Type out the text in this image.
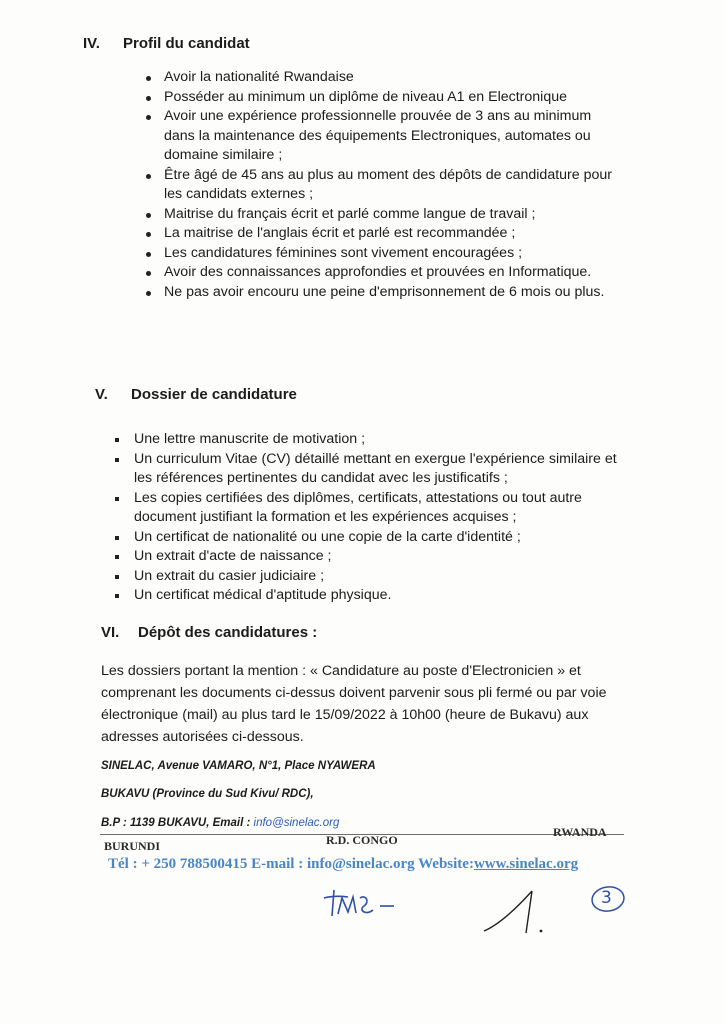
IV.	Profil du candidat
Avoir la nationalité Rwandaise
Posséder au minimum un diplôme de niveau A1 en Electronique
Avoir une expérience professionnelle prouvée de 3 ans au minimum dans la maintenance des équipements Electroniques, automates ou domaine similaire ;
Être âgé de 45 ans au plus au moment des dépôts de candidature pour les candidats externes ;
Maitrise du français écrit et parlé comme langue de travail ;
La maitrise de l'anglais écrit et parlé est recommandée ;
Les candidatures féminines sont vivement encouragées ;
Avoir des connaissances approfondies et prouvées en Informatique.
Ne pas avoir encouru une peine d'emprisonnement de 6 mois ou plus.
V.	Dossier de candidature
Une lettre manuscrite de motivation ;
Un curriculum Vitae (CV) détaillé mettant en exergue l'expérience similaire et les références pertinentes du candidat avec les justificatifs ;
Les copies certifiées des diplômes, certificats, attestations ou tout autre document justifiant la formation et les expériences acquises ;
Un certificat de nationalité ou une copie de la carte d'identité ;
Un extrait d'acte de naissance ;
Un extrait du casier judiciaire ;
Un certificat médical d'aptitude physique.
VI.	Dépôt des candidatures :

Les dossiers portant la mention : « Candidature au poste d'Electronicien » et comprenant les documents ci-dessus doivent parvenir sous pli fermé ou par voie électronique (mail) au plus tard le 15/09/2022 à 10h00 (heure de Bukavu) aux adresses autorisées ci-dessous.

SINELAC, Avenue VAMARO, N°1, Place NYAWERA
BUKAVU (Province du Sud Kivu/ RDC),
B.P : 1139 BUKAVU, Email : info@sinelac.org
BURUNDI	R.D. CONGO
RWANDA
Tél : + 250 788500415 E-mail : info@sinelac.org Website:www.sinelac.org
3
